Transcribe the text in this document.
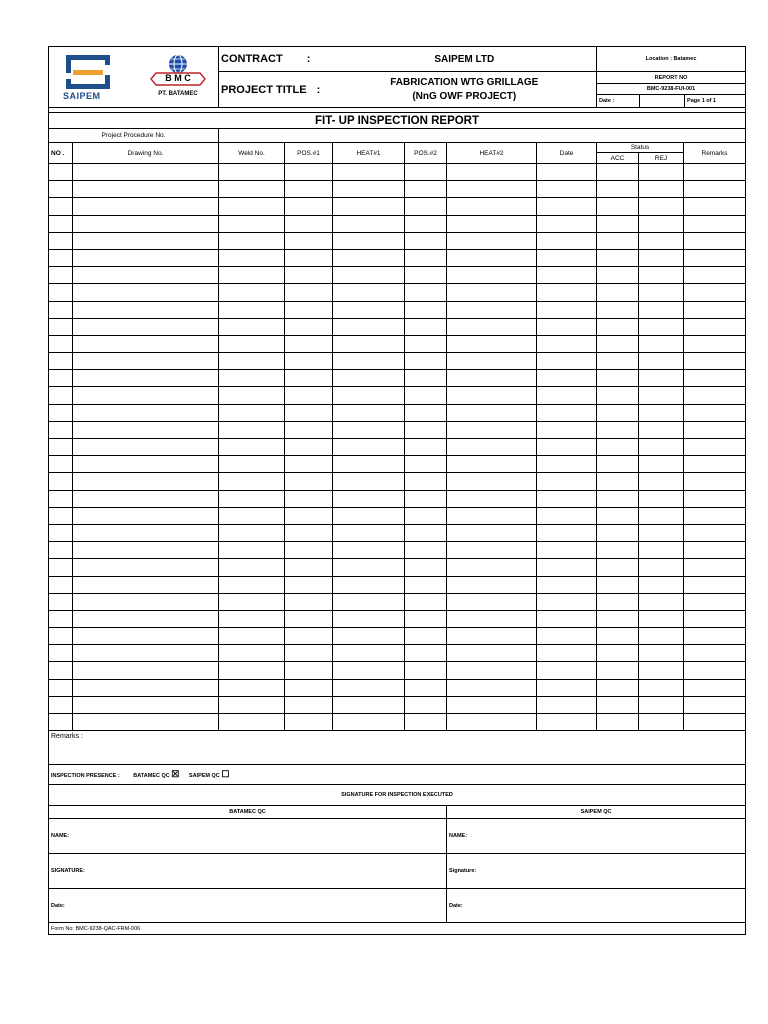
SAIPEM
B M C
PT. BATAMEC		CONTRACT :		SAIPEM LTD				Location : Batamec		
		PROJECT TITLE :		FABRICATION WTG GRILLAGE
(NnG OWF PROJECT)				REPORT NO		

								BMC-9238-FUI-001
Date : Page 1 of 1		

FIT- UP INSPECTION REPORT										
Project Procedure No.										
NO .	Drawing No.	Weld No.	POS.#1	HEAT#1	POS.#2	HEAT#2	Date	Status		Remarks
								ACC	REJ	

Remarks :										
INSPECTION PRESENCE : BATAMEC QC ☒ SAIPEM QC ☐										
SIGNATURE FOR INSPECTION EXECUTED										
BATAMEC QC						SAIPEM QC				
NAME:						NAME:				
SIGNATURE:						Signature:				
Date:						Date:				
Form No: BMC-9238-QAC-FRM-006										
